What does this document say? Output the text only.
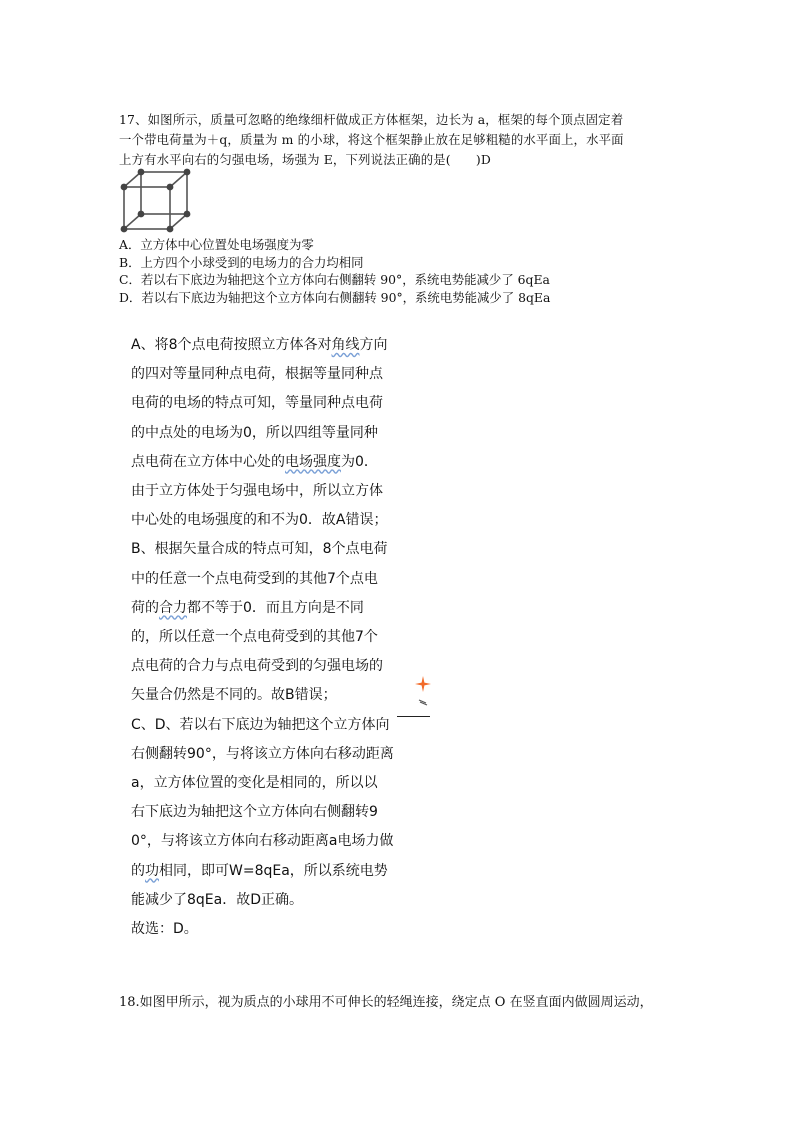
17、如图所示，质量可忽略的绝缘细杆做成正方体框架，边长为 a，框架的每个顶点固定着
一个带电荷量为＋q，质量为 m 的小球，将这个框架静止放在足够粗糙的水平面上，水平面
上方有水平向右的匀强电场，场强为 E，下列说法正确的是(　　)D
A．立方体中心位置处电场强度为零
B．上方四个小球受到的电场力的合力均相同
C．若以右下底边为轴把这个立方体向右侧翻转 90°，系统电势能减少了 6qEa
D．若以右下底边为轴把这个立方体向右侧翻转 90°，系统电势能减少了 8qEa
A、将8个点电荷按照立方体各对角线方向
的四对等量同种点电荷，根据等量同种点
电荷的电场的特点可知，等量同种点电荷
的中点处的电场为0，所以四组等量同种
点电荷在立方体中心处的电场强度为0．
由于立方体处于匀强电场中，所以立方体
中心处的电场强度的和不为0．故A错误；
B、根据矢量合成的特点可知，8个点电荷
中的任意一个点电荷受到的其他7个点电
荷的合力都不等于0．而且方向是不同
的，所以任意一个点电荷受到的其他7个
点电荷的合力与点电荷受到的匀强电场的
矢量合仍然是不同的。故B错误；
C、D、若以右下底边为轴把这个立方体向
右侧翻转90°，与将该立方体向右移动距离
a，立方体位置的变化是相同的，所以以
右下底边为轴把这个立方体向右侧翻转9
0°，与将该立方体向右移动距离a电场力做
的功相同，即可W=8qEa，所以系统电势
能减少了8qEa．故D正确。
故选：D。
18.如图甲所示，视为质点的小球用不可伸长的轻绳连接，绕定点 O 在竖直面内做圆周运动，
